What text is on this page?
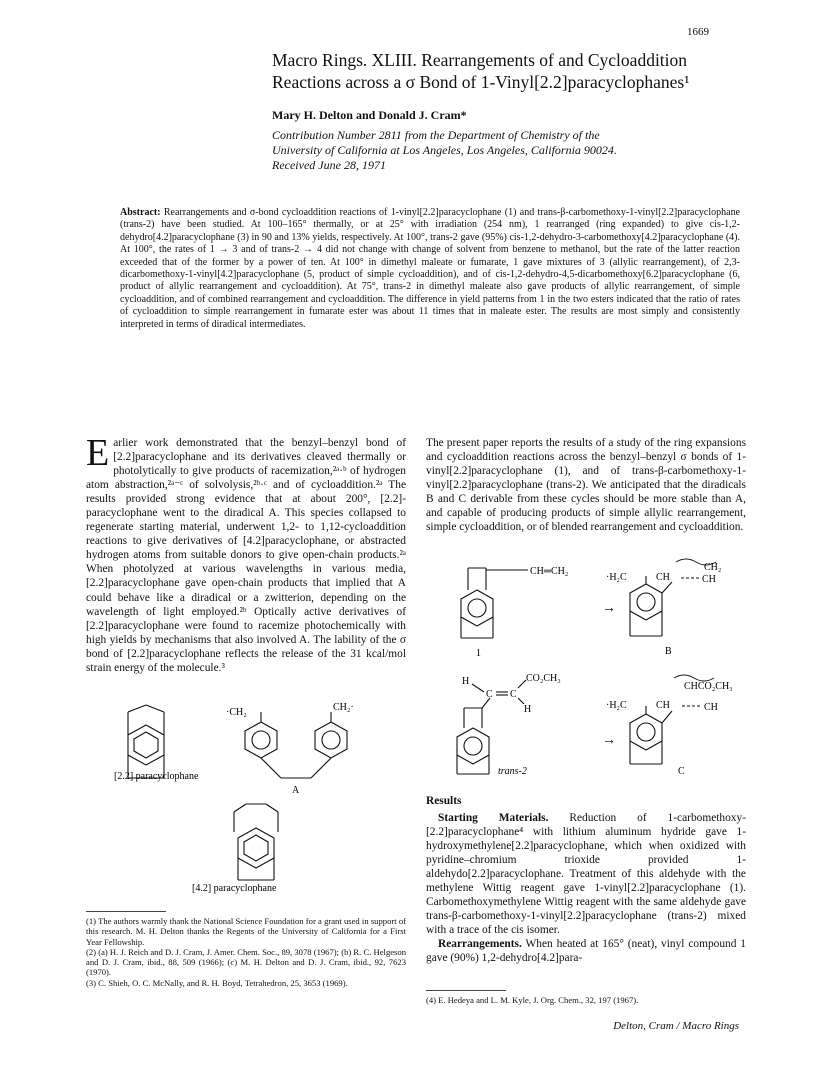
1669
Macro Rings. XLIII. Rearrangements of and Cycloaddition
Reactions across a σ Bond of 1-Vinyl[2.2]paracyclophanes¹
Mary H. Delton and Donald J. Cram*
Contribution Number 2811 from the Department of Chemistry of the
University of California at Los Angeles, Los Angeles, California 90024.
Received June 28, 1971
Abstract: Rearrangements and σ-bond cycloaddition reactions of 1-vinyl[2.2]paracyclophane (1) and trans-β-carbomethoxy-1-vinyl[2.2]paracyclophane (trans-2) have been studied. At 100–165° thermally, or at 25° with irradiation (254 nm), 1 rearranged (ring expanded) to give cis-1,2-dehydro[4.2]paracyclophane (3) in 90 and 13% yields, respectively. At 100°, trans-2 gave (95%) cis-1,2-dehydro-3-carbomethoxy[4.2]paracyclophane (4). At 100°, the rates of 1 → 3 and of trans-2 → 4 did not change with change of solvent from benzene to methanol, but the rate of the latter reaction exceeded that of the former by a power of ten. At 100° in dimethyl maleate or fumarate, 1 gave mixtures of 3 (allylic rearrangement), of 2,3-dicarbomethoxy-1-vinyl[4.2]paracyclophane (5, product of simple cycloaddition), and of cis-1,2-dehydro-4,5-dicarbomethoxy[6.2]paracyclophane (6, product of allylic rearrangement and cycloaddition). At 75°, trans-2 in dimethyl maleate also gave products of allylic rearrangement, of simple cycloaddition, and of combined rearrangement and cycloaddition. The difference in yield patterns from 1 in the two esters indicated that the ratio of rates of cycloaddition to simple rearrangement in fumarate ester was about 11 times that in maleate ester. The results are most simply and consistently interpreted in terms of diradical intermediates.
Earlier work demonstrated that the benzyl–benzyl bond of [2.2]paracyclophane and its derivatives cleaved thermally or photolytically to give products of racemization,²ᵃ·ᵇ of hydrogen atom abstraction,²ᵃ⁻ᶜ of solvolysis,²ᵇ·ᶜ and of cycloaddition.²ᵃ The results provided strong evidence that at about 200°, [2.2]-paracyclophane went to the diradical A. This species collapsed to regenerate starting material, underwent 1,2- to 1,12-cycloaddition reactions to give derivatives of [4.2]paracyclophane, or abstracted hydrogen atoms from suitable donors to give open-chain products.²ᵃ When photolyzed at various wavelengths in various media, [2.2]paracyclophane gave open-chain products that implied that A could behave like a diradical or a zwitterion, depending on the wavelength of light employed.²ᵇ Optically active derivatives of [2.2]paracyclophane were found to racemize photochemically with high yields by mechanisms that also involved A. The lability of the σ bond of [2.2]paracyclophane reflects the release of the 31 kcal/mol strain energy of the molecule.³
[2.2] paracyclophane
·CH₂	CH₂·
A
[4.2] paracyclophane
(1) The authors warmly thank the National Science Foundation for a grant used in support of this research. M. H. Delton thanks the Regents of the University of California for a First Year Fellowship.
(2) (a) H. J. Reich and D. J. Cram, J. Amer. Chem. Soc., 89, 3078 (1967); (b) R. C. Helgeson and D. J. Cram, ibid., 88, 509 (1966); (c) M. H. Delton and D. J. Cram, ibid., 92, 7623 (1970).
(3) C. Shieh, O. C. McNally, and R. H. Boyd, Tetrahedron, 25, 3653 (1969).
The present paper reports the results of a study of the ring expansions and cycloaddition reactions across the benzyl–benzyl σ bonds of 1-vinyl[2.2]paracyclophane (1), and of trans-β-carbomethoxy-1-vinyl[2.2]paracyclophane (trans-2). We anticipated that the diradicals B and C derivable from these cycles should be more stable than A, and capable of producing products of simple allylic rearrangement, simple cycloaddition, or of blended rearrangement and cycloaddition.
CH═CH₂
1
→
·H₂C	CH
CH₂
CH
B
H
C C
CO₂CH₃
H
trans-2
→
·H₂C	CH
CHCO₂CH₃
CH
C
Results
Starting Materials. Reduction of 1-carbomethoxy-[2.2]paracyclophane⁴ with lithium aluminum hydride gave 1-hydroxymethylene[2.2]paracyclophane, which when oxidized with pyridine–chromium trioxide provided 1-aldehydo[2.2]paracyclophane. Treatment of this aldehyde with the methylene Wittig reagent gave 1-vinyl[2.2]paracyclophane (1). Carbomethoxymethylene Wittig reagent with the same aldehyde gave trans-β-carbomethoxy-1-vinyl[2.2]paracyclophane (trans-2) mixed with a trace of the cis isomer.
Rearrangements. When heated at 165° (neat), vinyl compound 1 gave (90%) 1,2-dehydro[4.2]para-
(4) E. Hedeya and L. M. Kyle, J. Org. Chem., 32, 197 (1967).
Delton, Cram / Macro Rings
